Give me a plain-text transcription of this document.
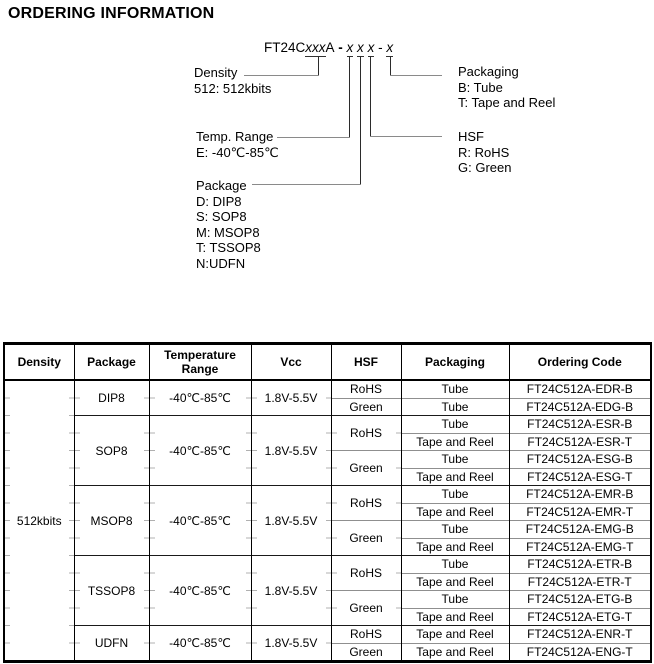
ORDERING INFORMATION
FT24Cxxx
A - x x x
- x
Density
512: 512kbits
Temp. Range
E: -40℃-85℃
Package
D: DIP8
S: SOP8
M: MSOP8
T: TSSOP8
N:UDFN
Packaging
B: Tube
T: Tape and Reel
HSF
R: RoHS
G: Green
Density	Package	Temperature Range	Vcc	HSF	Packaging	Ordering Code
512kbits	DIP8	-40℃-85℃	1.8V-5.5V	RoHS	Tube	FT24C512A-EDR-B
				Green	Tube	FT24C512A-EDG-B
	SOP8	-40℃-85℃	1.8V-5.5V	RoHS	Tube	FT24C512A-ESR-B
					Tape and Reel	FT24C512A-ESR-T
				Green	Tube	FT24C512A-ESG-B
					Tape and Reel	FT24C512A-ESG-T
	MSOP8	-40℃-85℃	1.8V-5.5V	RoHS	Tube	FT24C512A-EMR-B
					Tape and Reel	FT24C512A-EMR-T
				Green	Tube	FT24C512A-EMG-B
					Tape and Reel	FT24C512A-EMG-T
	TSSOP8	-40℃-85℃	1.8V-5.5V	RoHS	Tube	FT24C512A-ETR-B
					Tape and Reel	FT24C512A-ETR-T
				Green	Tube	FT24C512A-ETG-B
					Tape and Reel	FT24C512A-ETG-T
	UDFN	-40℃-85℃	1.8V-5.5V	RoHS	Tape and Reel	FT24C512A-ENR-T
				Green	Tape and Reel	FT24C512A-ENG-T
